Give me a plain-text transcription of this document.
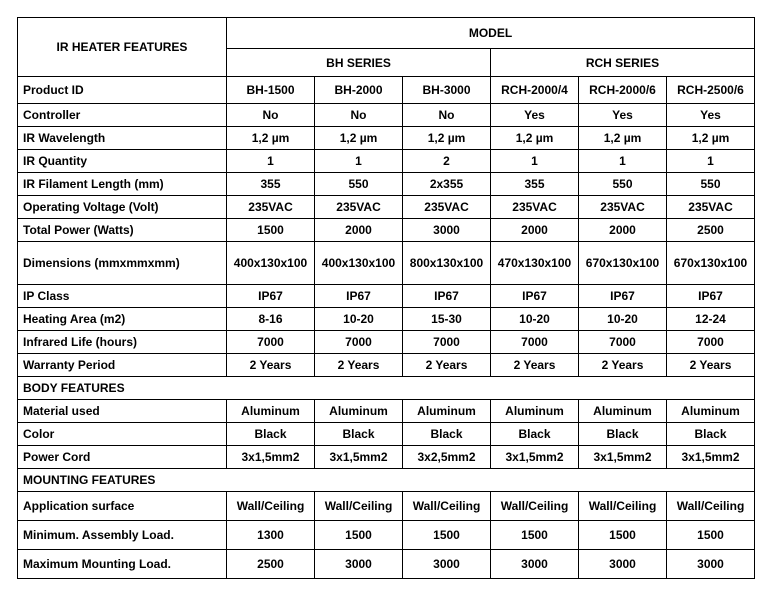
IR HEATER FEATURES	MODEL					
	BH SERIES			RCH SERIES		
Product ID	BH-1500	BH-2000	BH-3000	RCH-2000/4	RCH-2000/6	RCH-2500/6
Controller	No	No	No	Yes	Yes	Yes
IR Wavelength	1,2 µm	1,2 µm	1,2 µm	1,2 µm	1,2 µm	1,2 µm
IR Quantity	1	1	2	1	1	1
IR Filament Length (mm)	355	550	2x355	355	550	550
Operating Voltage (Volt)	235VAC	235VAC	235VAC	235VAC	235VAC	235VAC
Total Power (Watts)	1500	2000	3000	2000	2000	2500
Dimensions (mmxmmxmm)	400x130x100	400x130x100	800x130x100	470x130x100	670x130x100	670x130x100
IP Class	IP67	IP67	IP67	IP67	IP67	IP67
Heating Area (m2)	8-16	10-20	15-30	10-20	10-20	12-24
Infrared Life (hours)	7000	7000	7000	7000	7000	7000
Warranty Period	2 Years	2 Years	2 Years	2 Years	2 Years	2 Years
BODY FEATURES						
Material used	Aluminum	Aluminum	Aluminum	Aluminum	Aluminum	Aluminum
Color	Black	Black	Black	Black	Black	Black
Power Cord	3x1,5mm2	3x1,5mm2	3x2,5mm2	3x1,5mm2	3x1,5mm2	3x1,5mm2
MOUNTING FEATURES						
Application surface	Wall/Ceiling	Wall/Ceiling	Wall/Ceiling	Wall/Ceiling	Wall/Ceiling	Wall/Ceiling
Minimum. Assembly Load.	1300	1500	1500	1500	1500	1500
Maximum Mounting Load.	2500	3000	3000	3000	3000	3000
